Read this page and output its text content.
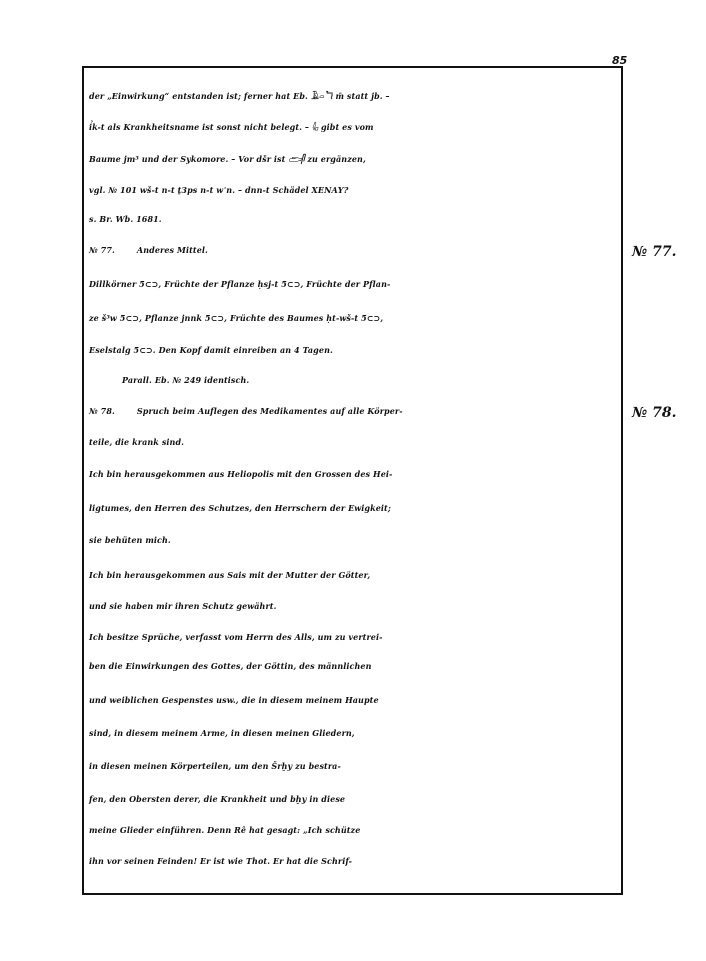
85
der „Einwirkung“ entstanden ist; ferner hat Eb. 𓄿𓏏𓆓 m̄ statt jb. –
ỉk-t als Krankheitsname ist sonst nicht belegt. – 𓇋𓊪 gibt es vom
Baume jm³ und der Sykomore. – Vor dšr ist 𓂧𓋴 zu ergänzen,
vgl. № 101 wš-t n-t ṯ3ps n-t wʿn. – dnn-t Schädel ΧΕΝΑΥ?
s. Br. Wb. 1681.
№ 77.	Anderes Mittel.
Dillkörner 5⊂⊃, Früchte der Pflanze ḥsj-t 5⊂⊃, Früchte der Pflan-
ze š³w 5⊂⊃, Pflanze jnnk 5⊂⊃, Früchte des Baumes ḥt-wš-t 5⊂⊃,
Eselstalg 5⊂⊃. Den Kopf damit einreiben an 4 Tagen.
Parall. Eb. № 249 identisch.
№ 78.	Spruch beim Auflegen des Medikamentes auf alle Körper-
teile, die krank sind.
Ich bin herausgekommen aus Heliopolis mit den Grossen des Hei-
ligtumes, den Herren des Schutzes, den Herrschern der Ewigkeit;
sie behüten mich.
Ich bin herausgekommen aus Sais mit der Mutter der Götter,
und sie haben mir ihren Schutz gewährt.
Ich besitze Sprüche, verfasst vom Herrn des Alls, um zu vertrei-
ben die Einwirkungen des Gottes, der Göttin, des männlichen
und weiblichen Gespenstes usw., die in diesem meinem Haupte
sind, in diesem meinem Arme, in diesen meinen Gliedern,
in diesen meinen Körperteilen, um den Šrḫy zu bestra-
fen, den Obersten derer, die Krankheit und bḫy in diese
meine Glieder einführen. Denn Rê hat gesagt: „Ich schütze
ihn vor seinen Feinden! Er ist wie Thot. Er hat die Schrif-
№ 77.
№ 78.
